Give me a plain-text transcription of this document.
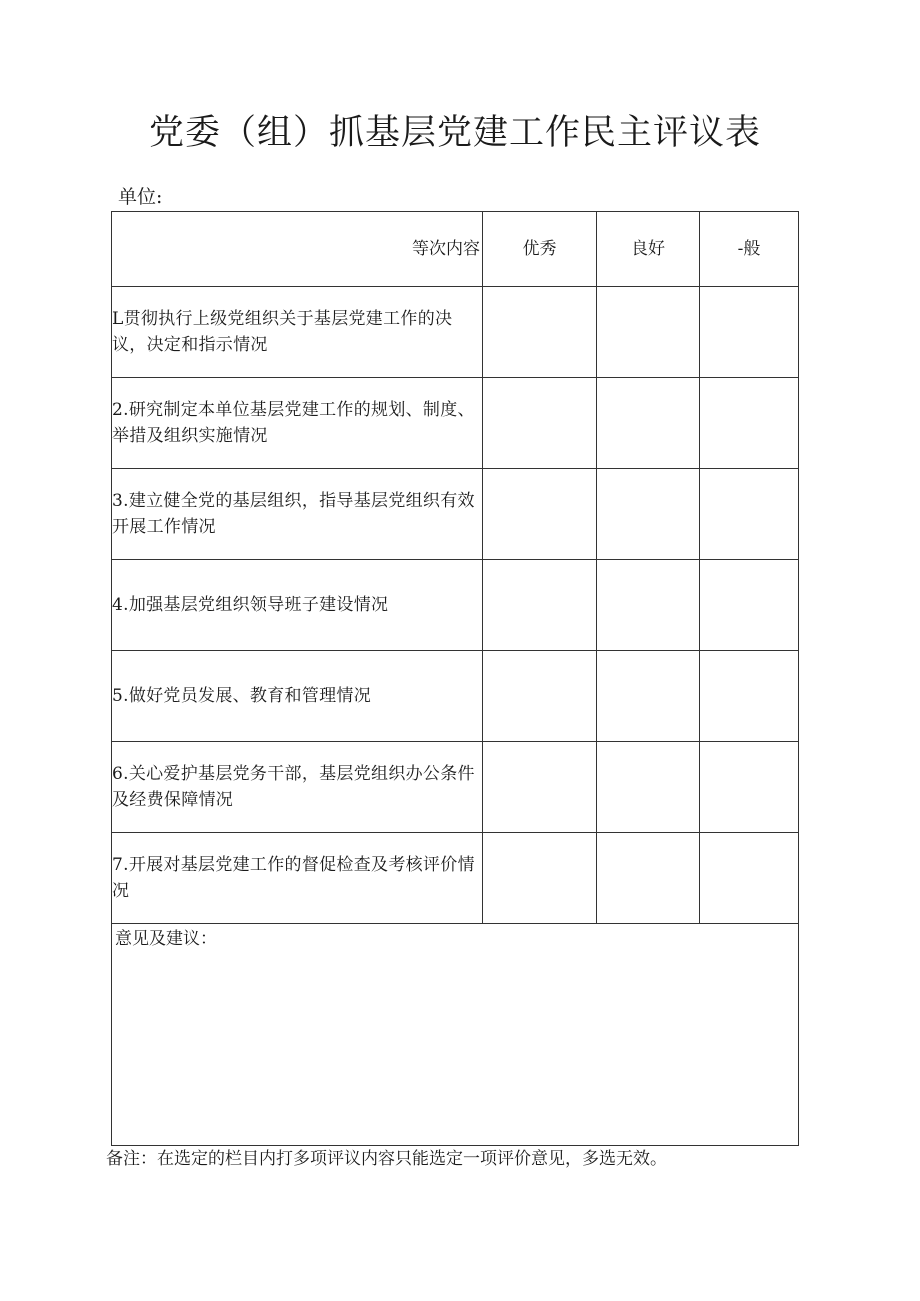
党委（组）抓基层党建工作民主评议表
单位:
等次内容	优秀	良好	-般
L贯彻执行上级党组织关于基层党建工作的决议，决定和指示情况			
2.研究制定本单位基层党建工作的规划、制度、举措及组织实施情况			
3.建立健全党的基层组织，指导基层党组织有效开展工作情况			
4.加强基层党组织领导班子建设情况			
5.做好党员发展、教育和管理情况			
6.关心爱护基层党务干部，基层党组织办公条件及经费保障情况			
7.开展对基层党建工作的督促检查及考核评价情况			
意见及建议：			
备注：在选定的栏目内打多项评议内容只能选定一项评价意见，多选无效。
